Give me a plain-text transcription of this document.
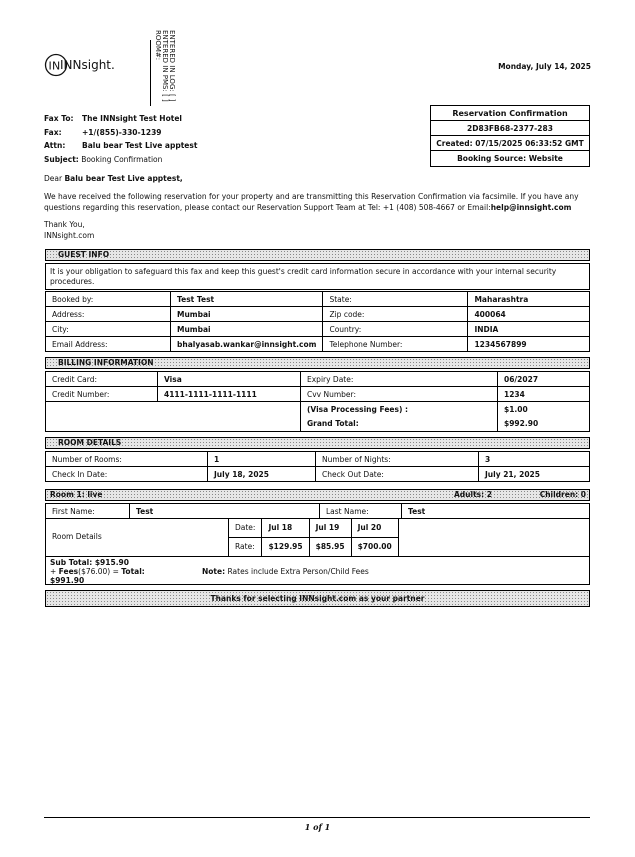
I N INNsight.	ENTERED IN LOG: [ ]
ENTERED IN PMS: [ ]
ROOM#:
Monday, July 14, 2025
Fax To: The INNsight Test Hotel
Fax:	+1/(855)-330-1239
Attn: Balu bear Test Live apptest
Subject: Booking Confirmation
Reservation Confirmation
2D83FB68-2377-283
Created: 07/15/2025 06:33:52 GMT
Booking Source: Website
Dear Balu bear Test Live apptest,
We have received the following reservation for your property and are transmitting this Reservation Confirmation via facsimile. If you have any questions regarding this reservation, please contact our Reservation Support Team at Tel: +1 (408) 508-4667 or Email:help@innsight.com
Thank You,
INNsight.com
GUEST INFO
It is your obligation to safeguard this fax and keep this guest's credit card information secure in accordance with your internal security procedures.
Booked by:	Test Test	State:	Maharashtra
Address:	Mumbai	Zip code:	400064
City:	Mumbai	Country:	INDIA
Email Address:	bhalyasab.wankar@innsight.com	Telephone Number:	1234567899
BILLING INFORMATION
Credit Card:	Visa	Expiry Date:	06/2027
Credit Number:	4111-1111-1111-1111	Cvv Number:	1234
		(Visa Processing Fees) :	$1.00
		Grand Total:	$992.90
ROOM DETAILS
Number of Rooms:	1	Number of Nights:	3
Check In Date:	July 18, 2025	Check Out Date:	July 21, 2025
Room 1: live	Adults: 2	Children: 0
First Name:	Test	Last Name:	Test
Room Details
Date:	Jul 18	Jul 19	Jul 20
Rate:	$129.95	$85.95	$700.00
Sub Total: $915.90
+ Fees($76.00) = Total:
$991.90
Note: Rates include Extra Person/Child Fees
Thanks for selecting INNsight.com as your partner
1 of 1
